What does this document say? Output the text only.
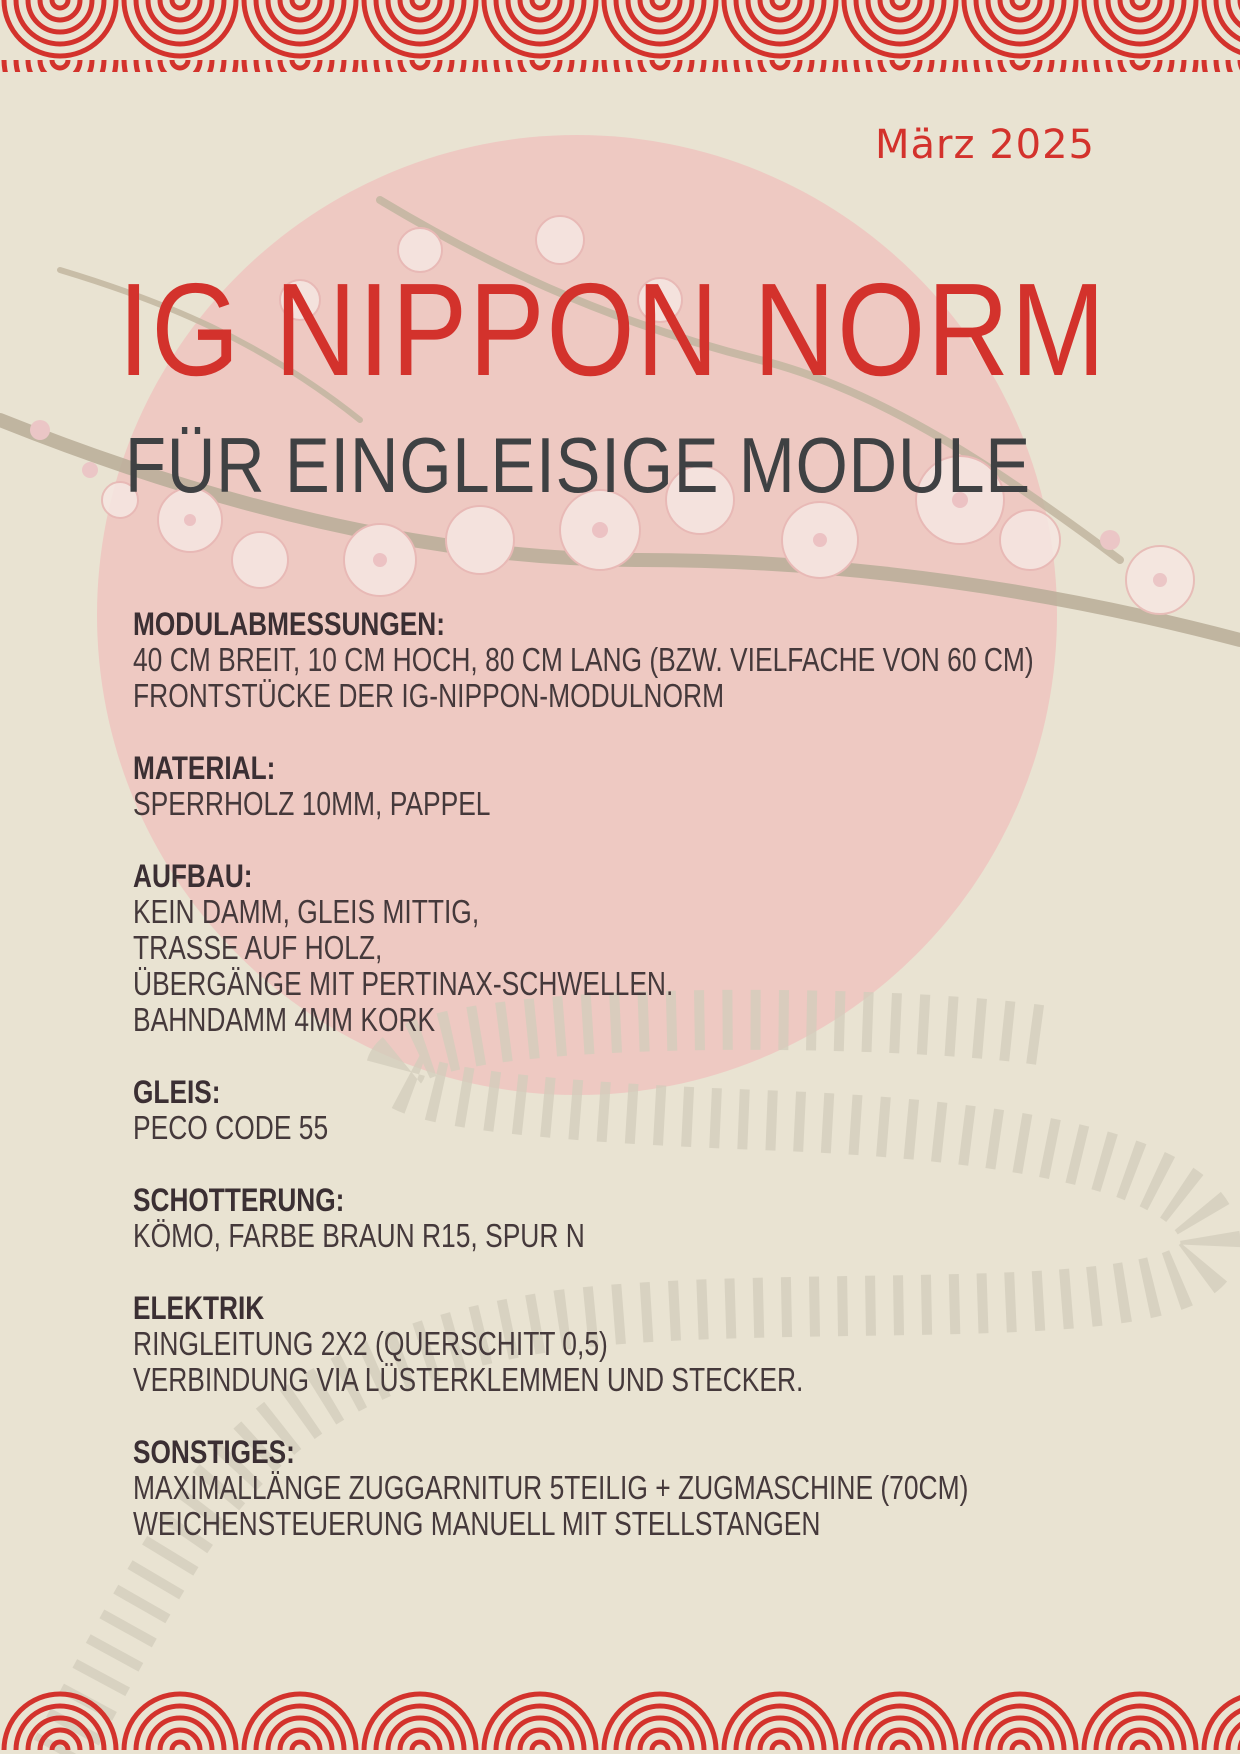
März 2025
IG NIPPON NORM
FÜR EINGLEISIGE MODULE
MODULABMESSUNGEN:
40 CM BREIT, 10 CM HOCH, 80 CM LANG (BZW. VIELFACHE VON 60 CM)
FRONTSTÜCKE DER IG-NIPPON-MODULNORM
MATERIAL:
SPERRHOLZ 10MM, PAPPEL
AUFBAU:
KEIN DAMM, GLEIS MITTIG,
TRASSE AUF HOLZ,
ÜBERGÄNGE MIT PERTINAX-SCHWELLEN.
BAHNDAMM 4MM KORK
GLEIS:
PECO CODE 55
SCHOTTERUNG:
KÖMO, FARBE BRAUN R15, SPUR N
ELEKTRIK
RINGLEITUNG 2X2 (QUERSCHITT 0,5)
VERBINDUNG VIA LÜSTERKLEMMEN UND STECKER.
SONSTIGES:
MAXIMALLÄNGE ZUGGARNITUR 5TEILIG + ZUGMASCHINE (70CM)
WEICHENSTEUERUNG MANUELL MIT STELLSTANGEN
